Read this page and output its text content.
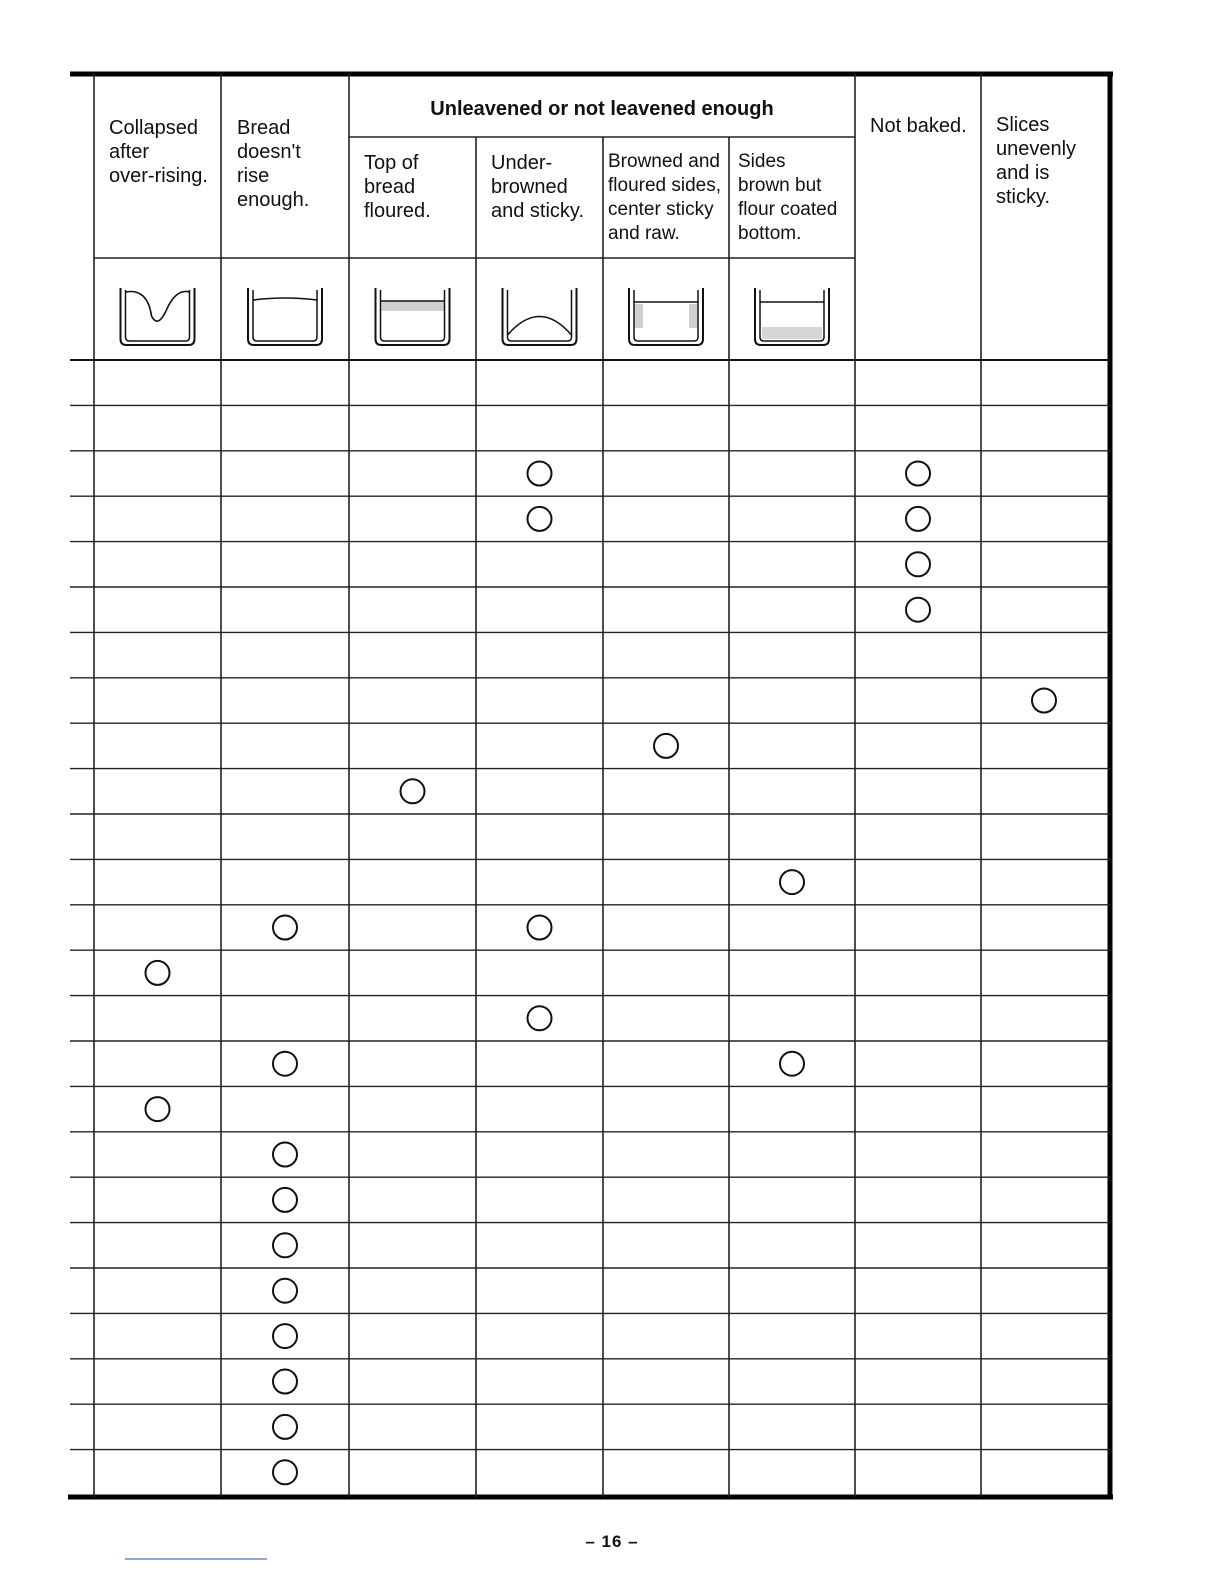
Unleavened or not leavened enough
Collapsed
after
over-rising.
Bread
doesn't
rise
enough.
Top of
bread
floured.
Under-
browned
and sticky.
Browned and
floured sides,
center sticky
and raw.
Sides
brown but
flour coated
bottom.
Not baked. Slices
unevenly
and is
sticky.
– 16 –
